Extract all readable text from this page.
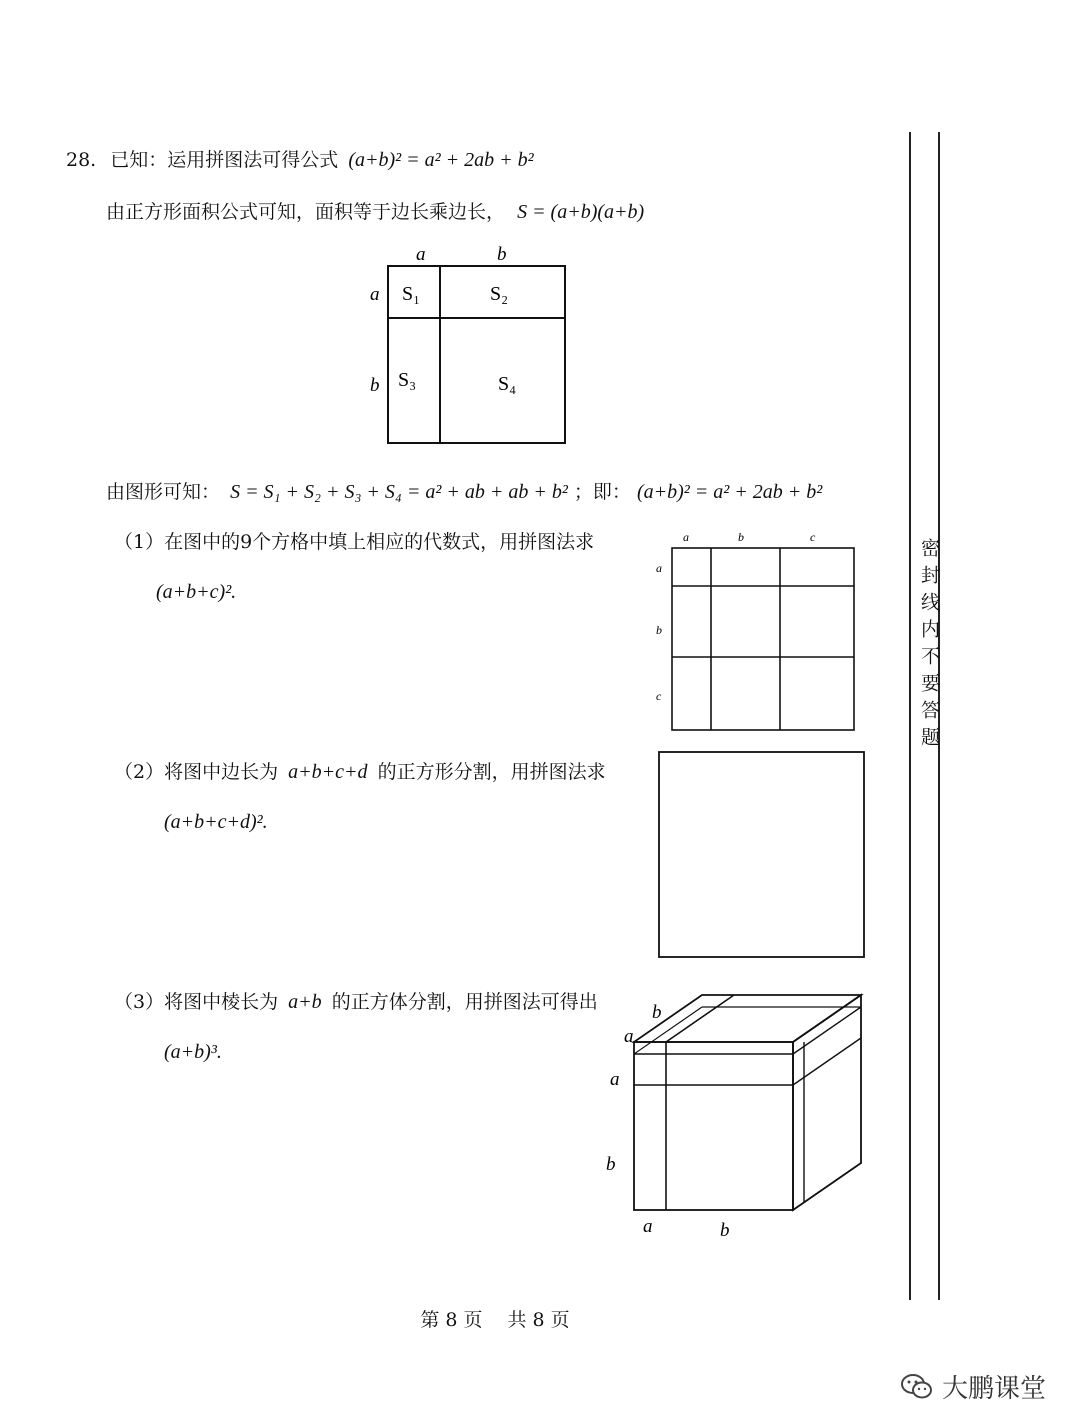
28. 已知：运用拼图法可得公式 (a+b)² = a² + 2ab + b²
由正方形面积公式可知，面积等于边长乘边长， S = (a+b)(a+b)
a	b
a
b
S₁	S₂
S₃	S₄
由图形可知： S = S₁ + S₂ + S₃ + S₄ = a² + ab + ab + b² ；即： (a+b)² = a² + 2ab + b²
（1）在图中的9个方格中填上相应的代数式，用拼图法求
(a+b+c)².
a	b	c
a
b
c
（2）将图中边长为 a+b+c+d 的正方形分割，用拼图法求
(a+b+c+d)².
（3）将图中棱长为 a+b 的正方体分割，用拼图法可得出
(a+b)³.
b
a
a
b
a	b
密封线内不要答题
第 8 页　 共 8 页
大鹏课堂
